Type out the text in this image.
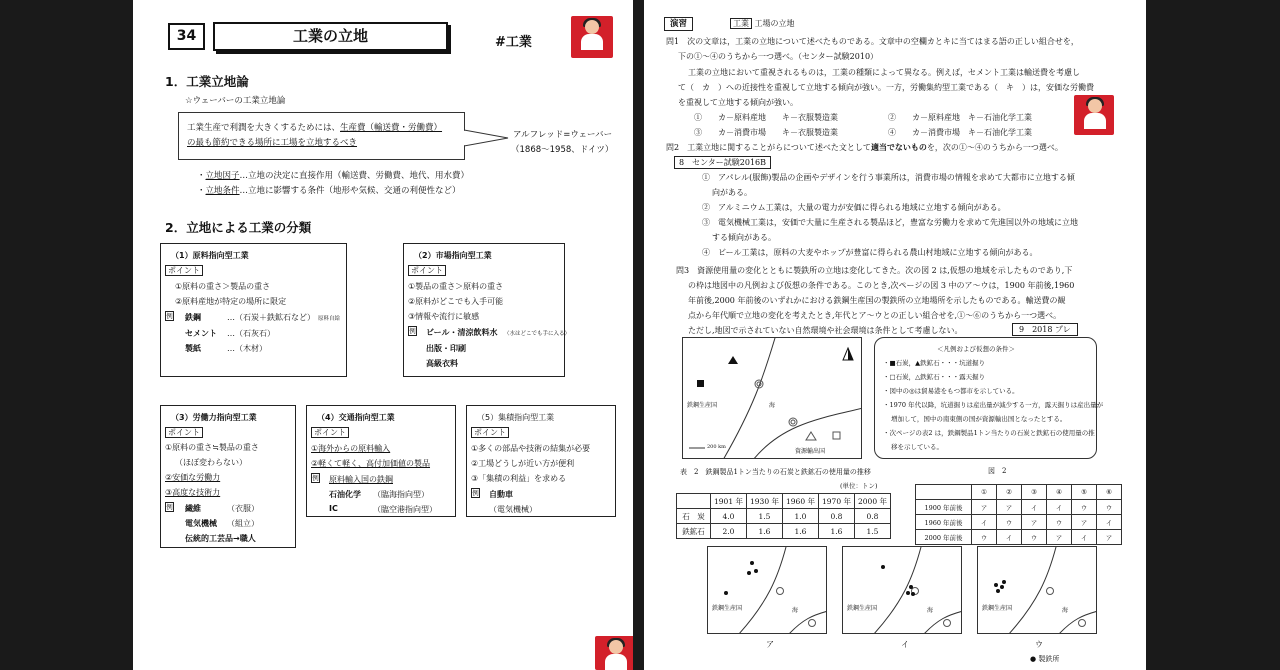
34	工業の立地	#工業
1．工業立地論
☆ウェーバーの工業立地論
工業生産で利潤を大きくするためには、生産費（輸送費・労働費）
の最も節約できる場所に工場を立地するべき
アルフレッド=ウェーバー
（1868～1958、ドイツ）
・立地因子…立地の決定に直接作用（輸送費、労働費、地代、用水費）
・立地条件…立地に影響する条件（地形や気候、交通の利便性など）
2．立地による工業の分類
（1）原料指向型工業
ポイント
①原料の重さ＞製品の重さ
②原料産地が特定の場所に限定
例 鉄鋼	…（石炭＋鉄鉱石など） 原料自給
セメント …（石灰石）
製紙	…（木材）
（2）市場指向型工業
ポイント
①製品の重さ＞原料の重さ
②原料がどこでも入手可能
③情報や流行に敏感
例 ビール・清涼飲料水 （水はどこでも手に入る）
出版・印刷
高級衣料
（3）労働力指向型工業
ポイント
①原料の重さ≒製品の重さ
（ほぼ変わらない）
②安価な労働力
③高度な技術力
例 繊維	（衣服）
電気機械 （組立）
伝統的工芸品→職人
（4）交通指向型工業
ポイント
①海外からの原料輸入
②軽くて軽く、高付加価値の製品
例 原料輸入国の鉄鋼
石油化学 （臨海指向型）
IC	（臨空港指向型）
（5）集積指向型工業
ポイント
①多くの部品や技術の結集が必要
②工場どうしが近い方が便利
③「集積の利益」を求める
例 自動車
（電気機械）
演習	工業 工場の立地
問1　次の文章は，工業の立地について述べたものである。文章中の空欄カとキに当てはまる語の正しい組合せを，
下の①～④のうちから一つ選べ。（センター試験2010）
工業の立地において重視されるものは，工業の種類によって異なる。例えば，セメント工業は輸送費を考慮し
て（　カ　）への近接性を重視して立地する傾向が強い。一方，労働集約型工業である（　キ　）は，安価な労働費
を重視して立地する傾向が強い。
①　　カ－原料産地　　キ－衣服製造業	②　　カ－原料産地　キ－石油化学工業
③　　カ－消費市場　　キ－衣服製造業	④　　カ－消費市場　キ－石油化学工業
問2　工業立地に関することがらについて述べた文として適当でないものを，次の①～④のうちから一つ選べ。
8　センター試験2016B
①　アパレル(服飾)製品の企画やデザインを行う事業所は，消費市場の情報を求めて大都市に立地する傾
向がある。
②　アルミニウム工業は，大量の電力が安価に得られる地域に立地する傾向がある。
③　電気機械工業は，安価で大量に生産される製品ほど，豊富な労働力を求めて先進国以外の地域に立地
する傾向がある。
④　ビール工業は，原料の大麦やホップが豊富に得られる農山村地域に立地する傾向がある。
問3　資源使用量の変化とともに製鉄所の立地は変化してきた。次の図 2 は,仮想の地域を示したものであり,下
の枠は地図中の凡例および仮想の条件である。このとき,次ページの図 3 中のア～ウは，1900 年前後,1960
年前後,2000 年前後のいずれかにおける鉄鋼生産国の製鉄所の立地場所を示したものである。輸送費の観
点から年代順で立地の変化を考えたとき,年代とア～ウとの正しい組合せを,①～⑥のうちから一つ選べ。
ただし,地図で示されていない自然環境や社会環境は条件として考慮しない。	9　2018 プレ
鉄鋼生産国	海
資源輸出国
200 km
＜凡例および仮想の条件＞
・■石炭，▲鉄鉱石・・・坑道掘り
・□石炭，△鉄鉱石・・・露天掘り
・図中の◎は貿易港をもつ都市を示している。
・1970 年代以降，坑道掘りは産出量が減少する一方，露天掘りは産出量が
増加して，国中の南東側の国が資源輸出国となったとする。
・次ページの表2 は，鉄鋼製品1トン当たりの石炭と鉄鉱石の使用量の推
移を示している。
表　2　鉄鋼製品1トン当たりの石炭と鉄鉱石の使用量の推移	図　2
(単位：トン)
	1901 年	1930 年	1960 年	1970 年	2000 年
石　炭	4.0	1.5	1.0	0.8	0.8
鉄鉱石	2.0	1.6	1.6	1.6	1.5
	①	②	③	④	⑤	⑥
1900 年前後	ア	ア	イ	イ	ウ	ウ
1960 年前後	イ	ウ	ア	ウ	ア	イ
2000 年前後	ウ	イ	ウ	ア	イ	ア
鉄鋼生産国	海
ア
鉄鋼生産国	海
イ
鉄鋼生産国	海
ウ
● 製鉄所
